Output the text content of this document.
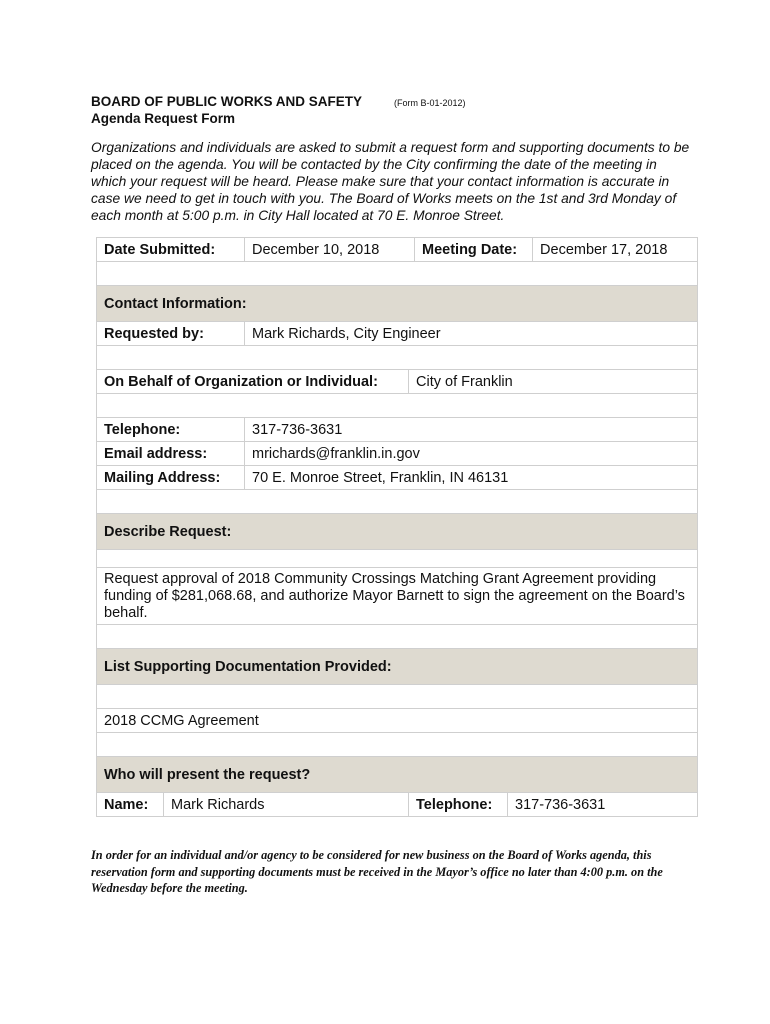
BOARD OF PUBLIC WORKS AND SAFETY	(Form B-01-2012)
Agenda Request Form

Organizations and individuals are asked to submit a request form and supporting documents to be placed on the agenda. You will be contacted by the City confirming the date of the meeting in which your request will be heard. Please make sure that your contact information is accurate in case we need to get in touch with you. The Board of Works meets on the 1st and 3rd Monday of each month at 5:00 p.m. in City Hall located at 70 E. Monroe Street.

Date Submitted:		December 10, 2018		Meeting Date:		December 17, 2018

Contact Information:						
Requested by:		Mark Richards, City Engineer				

On Behalf of Organization or Individual:			City of Franklin			

Telephone:		317-736-3631				
Email address:		mrichards@franklin.in.gov				
Mailing Address:		70 E. Monroe Street, Franklin, IN 46131				

Describe Request:						

Request approval of 2018 Community Crossings Matching Grant Agreement providing funding of $281,068.68, and authorize Mayor Barnett to sign the agreement on the Board’s behalf.						

List Supporting Documentation Provided:						

2018 CCMG Agreement						

Who will present the request?						
Name:	Mark Richards		Telephone:		317-736-3631	

In order for an individual and/or agency to be considered for new business on the Board of Works agenda, this reservation form and supporting documents must be received in the Mayor’s office no later than 4:00 p.m. on the Wednesday before the meeting.
